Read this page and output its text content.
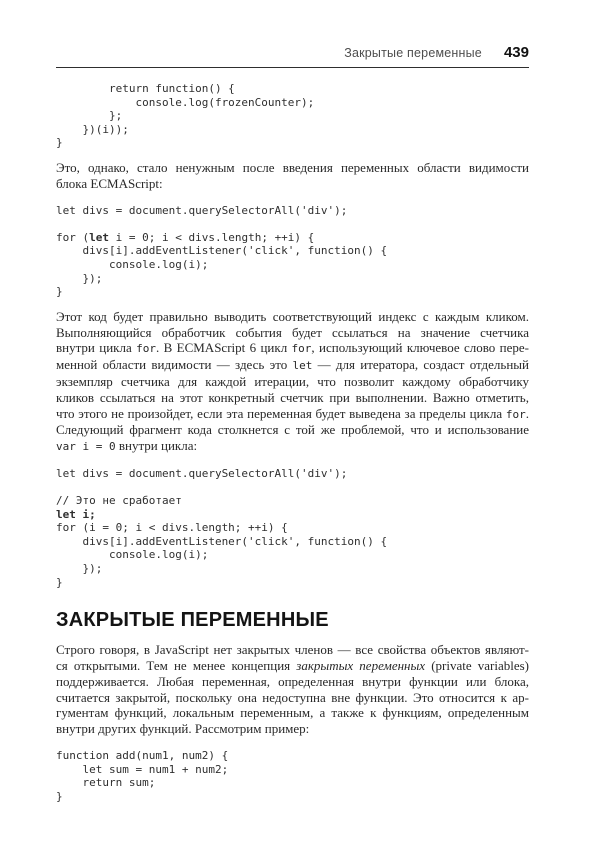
Закрытые переменные 439
return function() {
console.log(frozenCounter);
};
})(i));
}
Это, однако, стало ненужным после введения переменных области видимости
блока ECMAScript:
let divs = document.querySelectorAll('div');

for (let i = 0; i < divs.length; ++i) {
divs[i].addEventListener('click', function() {
console.log(i);
});
}
Этот код будет правильно выводить соответствующий индекс с каждым кликом.
Выполняющийся обработчик события будет ссылаться на значение счетчика
внутри цикла for. В ECMAScript 6 цикл for, использующий ключевое слово пере-
менной области видимости — здесь это let — для итератора, создаст отдельный
экземпляр счетчика для каждой итерации, что позволит каждому обработчику
кликов ссылаться на этот конкретный счетчик при выполнении. Важно отметить,
что этого не произойдет, если эта переменная будет выведена за пределы цикла for.
Следующий фрагмент кода столкнется с той же проблемой, что и использование
var i = 0 внутри цикла:
let divs = document.querySelectorAll('div');

// Это не сработает
let i;
for (i = 0; i < divs.length; ++i) {
divs[i].addEventListener('click', function() {
console.log(i);
});
}
ЗАКРЫТЫЕ ПЕРЕМЕННЫЕ
Строго говоря, в JavaScript нет закрытых членов — все свойства объектов являют-
ся открытыми. Тем не менее концепция закрытых переменных (private variables)
поддерживается. Любая переменная, определенная внутри функции или блока,
считается закрытой, поскольку она недоступна вне функции. Это относится к ар-
гументам функций, локальным переменным, а также к функциям, определенным
внутри других функций. Рассмотрим пример:
function add(num1, num2) {
let sum = num1 + num2;
return sum;
}
